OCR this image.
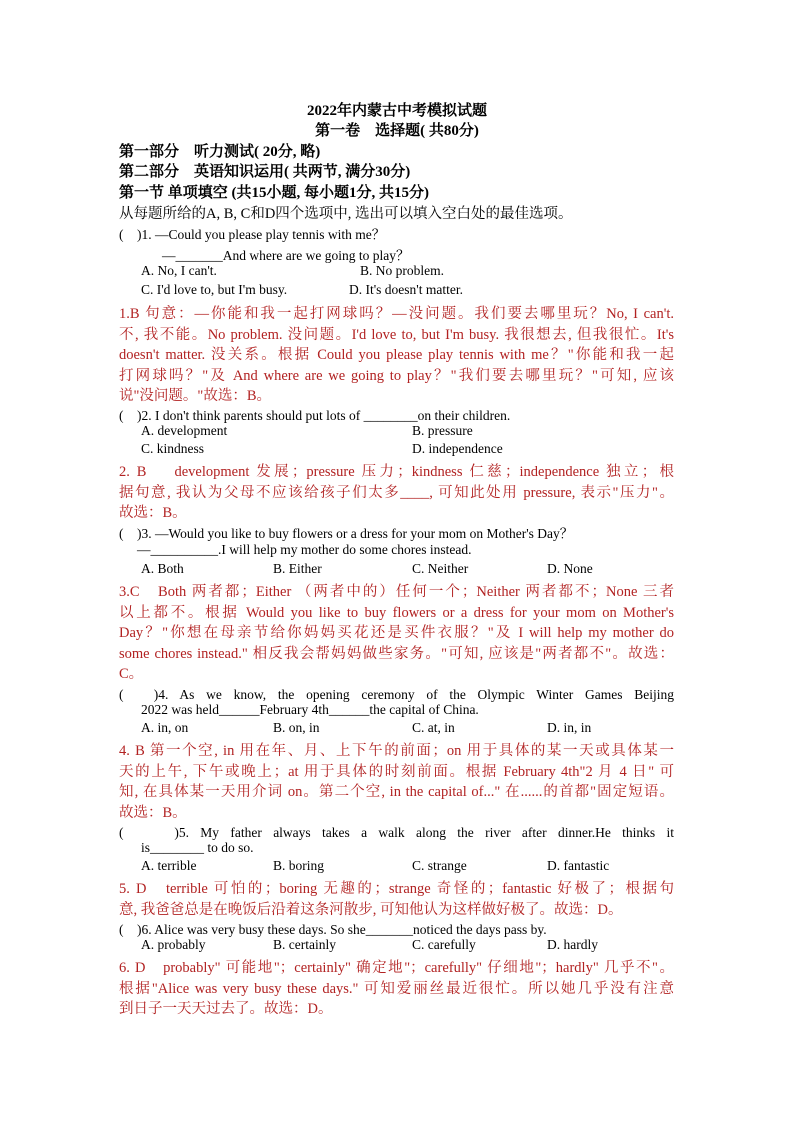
2022年内蒙古中考模拟试题
第一卷　选择题( 共80分)
第一部分　听力测试( 20分, 略)
第二部分　英语知识运用( 共两节, 满分30分)
第一节 单项填空 (共15小题, 每小题1分, 共15分)
从每题所给的A, B, C和D四个选项中, 选出可以填入空白处的最佳选项。
(　)1. —Could you please play tennis with me？
—_______And where are we going to play？
A. No, I can't.	B. No problem.
C. I'd love to, but I'm busy.	D. It's doesn't matter.
1.B 句意：—你能和我一起打网球吗？—没问题。我们要去哪里玩？No, I can't.
不, 我不能。No problem. 没问题。I'd love to, but I'm busy. 我很想去, 但我很忙。It's
doesn't matter. 没关系。根据 Could you please play tennis with me？"你能和我一起
打网球吗？"及 And where are we going to play？"我们要去哪里玩？"可知, 应该
说"没问题。"故选：B。
(　)2. I don't think parents should put lots of ________on their children.
A. development	B. pressure
C. kindness	D. independence
2. B　 development 发展；pressure 压力；kindness 仁慈；independence 独立；根
据句意, 我认为父母不应该给孩子们太多____, 可知此处用 pressure, 表示"压力"。
故选：B。
(　)3. —Would you like to buy flowers or a dress for your mom on Mother's Day？
—__________.I will help my mother do some chores instead.
A. Both	B. Either	C. Neither	D. None
3.C　Both 两者都；Either （两者中的）任何一个；Neither 两者都不；None 三者
以上都不。根据 Would you like to buy flowers or a dress for your mom on Mother's
Day？"你想在母亲节给你妈妈买花还是买件衣服？"及 I will help my mother do
some chores instead." 相反我会帮妈妈做些家务。"可知, 应该是"两者都不"。故选：
C。
(　)4. As we know, the opening ceremony of the Olympic Winter Games Beijing
2022 was held______February 4th______the capital of China.
A. in, on	B. on, in	C. at, in	D. in, in
4. B 第一个空, in 用在年、月、上下午的前面；on 用于具体的某一天或具体某一
天的上午, 下午或晚上；at 用于具体的时刻前面。根据 February 4th"2 月 4 日" 可
知, 在具体某一天用介词 on。第二个空, in the capital of..." 在......的首都"固定短语。
故选：B。
(　　)5. My father always takes a walk along the river after dinner.He thinks it
is________ to do so.
A. terrible	B. boring	C. strange	D. fantastic
5. D　terrible 可怕的；boring 无趣的；strange 奇怪的；fantastic 好极了；根据句
意, 我爸爸总是在晚饭后沿着这条河散步, 可知他认为这样做好极了。故选：D。
(　)6. Alice was very busy these days. So she_______noticed the days pass by.
A. probably	B. certainly	C. carefully	D. hardly
6. D　probably" 可能地"；certainly" 确定地"；carefully" 仔细地"；hardly" 几乎不"。
根据"Alice was very busy these days." 可知爱丽丝最近很忙。所以她几乎没有注意
到日子一天天过去了。故选：D。
